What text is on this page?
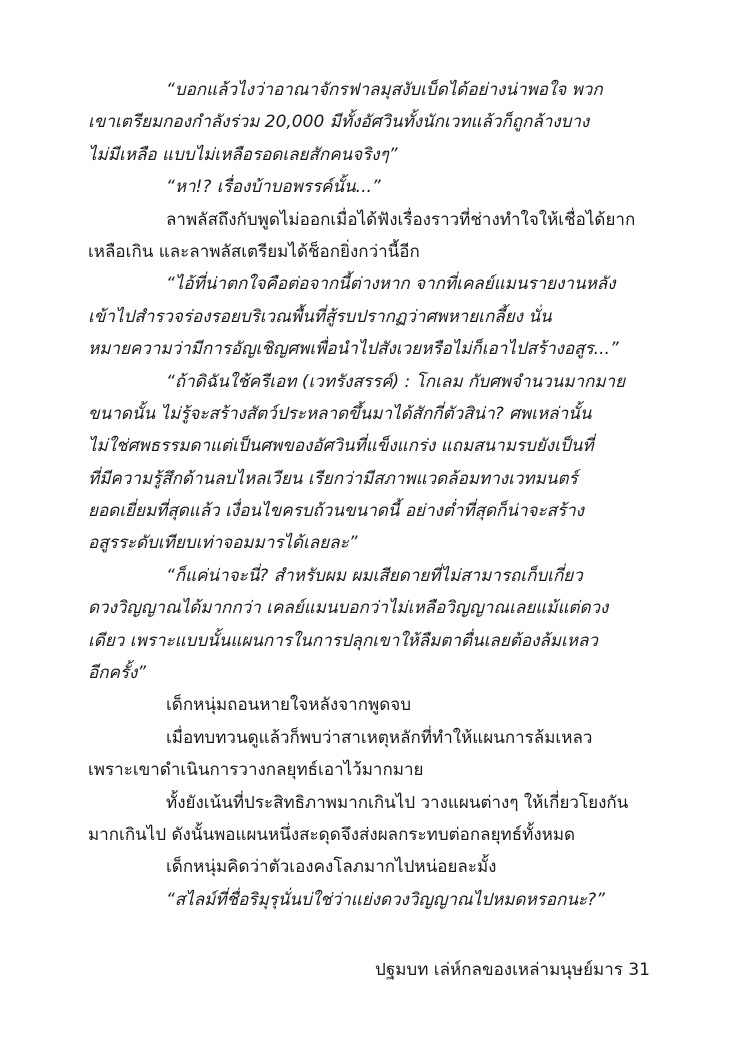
“บอกแล้วไงว่าอาณาจักรฟาลมุสงับเบ็ดได้อย่างน่าพอใจ พวก
เขาเตรียมกองกำลังร่วม 20,000 มีทั้งอัศวินทั้งนักเวทแล้วก็ถูกล้างบาง
ไม่มีเหลือ แบบไม่เหลือรอดเลยสักคนจริงๆ”
“หา!? เรื่องบ้าบอพรรค์นั้น...”
ลาพลัสถึงกับพูดไม่ออกเมื่อได้ฟังเรื่องราวที่ช่างทำใจให้เชื่อได้ยาก
เหลือเกิน และลาพลัสเตรียมได้ช็อกยิ่งกว่านี้อีก
“ไอ้ที่น่าตกใจคือต่อจากนี้ต่างหาก จากที่เคลย์แมนรายงานหลัง
เข้าไปสำรวจร่องรอยบริเวณพื้นที่สู้รบปรากฏว่าศพหายเกลี้ยง นั่น
หมายความว่ามีการอัญเชิญศพเพื่อนำไปสังเวยหรือไม่ก็เอาไปสร้างอสูร...”
“ถ้าดิฉันใช้ครีเอท (เวทรังสรรค์) : โกเลม กับศพจำนวนมากมาย
ขนาดนั้น ไม่รู้จะสร้างสัตว์ประหลาดขึ้นมาได้สักกี่ตัวสิน่า? ศพเหล่านั้น
ไม่ใช่ศพธรรมดาแต่เป็นศพของอัศวินที่แข็งแกร่ง แถมสนามรบยังเป็นที่
ที่มีความรู้สึกด้านลบไหลเวียน เรียกว่ามีสภาพแวดล้อมทางเวทมนตร์
ยอดเยี่ยมที่สุดแล้ว เงื่อนไขครบถ้วนขนาดนี้ อย่างต่ำที่สุดก็น่าจะสร้าง
อสูรระดับเทียบเท่าจอมมารได้เลยละ”
“ก็แค่น่าจะนี่? สำหรับผม ผมเสียดายที่ไม่สามารถเก็บเกี่ยว
ดวงวิญญาณได้มากกว่า เคลย์แมนบอกว่าไม่เหลือวิญญาณเลยแม้แต่ดวง
เดียว เพราะแบบนั้นแผนการในการปลุกเขาให้ลืมตาตื่นเลยต้องล้มเหลว
อีกครั้ง”
เด็กหนุ่มถอนหายใจหลังจากพูดจบ
เมื่อทบทวนดูแล้วก็พบว่าสาเหตุหลักที่ทำให้แผนการล้มเหลว
เพราะเขาดำเนินการวางกลยุทธ์เอาไว้มากมาย
ทั้งยังเน้นที่ประสิทธิภาพมากเกินไป วางแผนต่างๆ ให้เกี่ยวโยงกัน
มากเกินไป ดังนั้นพอแผนหนึ่งสะดุดจึงส่งผลกระทบต่อกลยุทธ์ทั้งหมด
เด็กหนุ่มคิดว่าตัวเองคงโลภมากไปหน่อยละมั้ง
“สไลม์ที่ชื่อริมุรุนั่นบ่ใช่ว่าแย่งดวงวิญญาณไปหมดหรอกนะ?”
ปฐมบท เล่ห์กลของเหล่ามนุษย์มาร 31
